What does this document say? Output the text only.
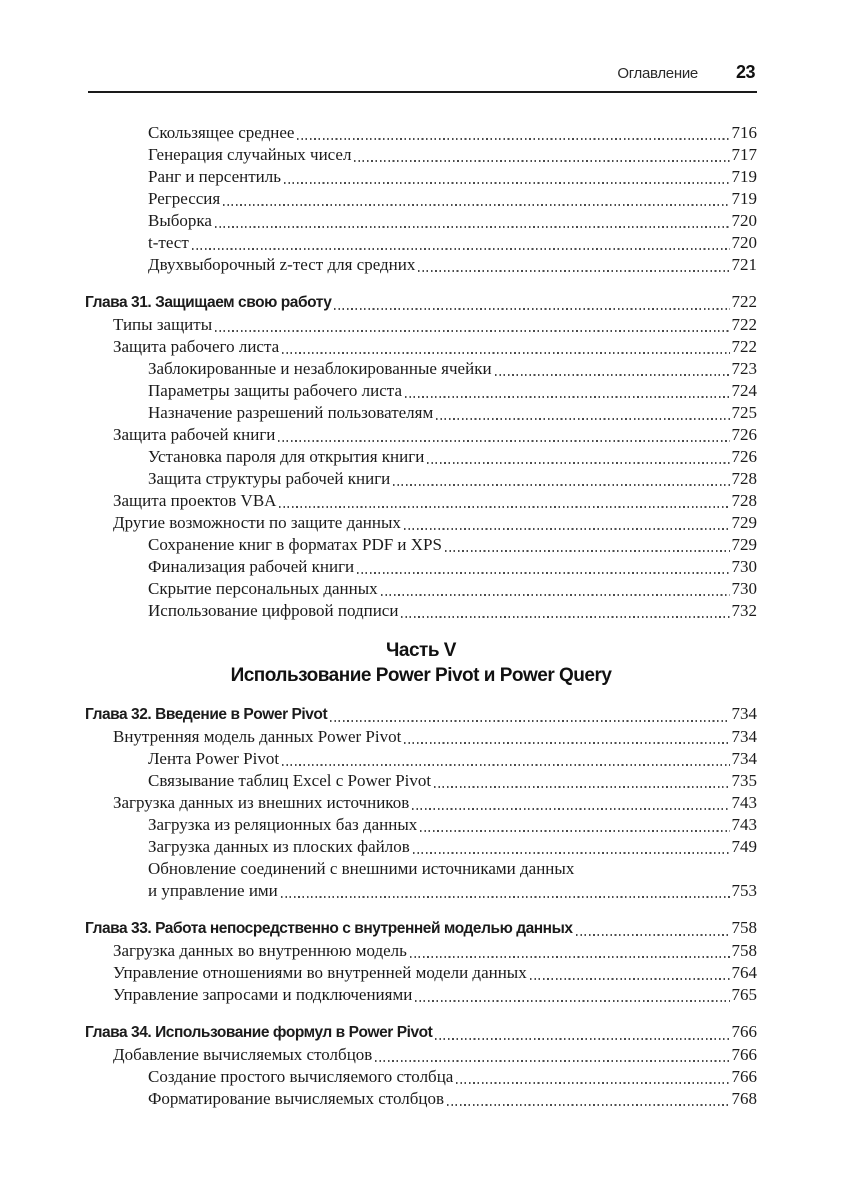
Оглавление 23
Скользящее среднее	716
Генерация случайных чисел	717
Ранг и персентиль	719
Регрессия	719
Выборка	720
t-тест	720
Двухвыборочный z-тест для средних	721
Глава 31. Защищаем свою работу	722
Типы защиты	722
Защита рабочего листа	722
Заблокированные и незаблокированные ячейки	723
Параметры защиты рабочего листа	724
Назначение разрешений пользователям	725
Защита рабочей книги	726
Установка пароля для открытия книги	726
Защита структуры рабочей книги	728
Защита проектов VBA	728
Другие возможности по защите данных	729
Сохранение книг в форматах PDF и XPS	729
Финализация рабочей книги	730
Скрытие персональных данных	730
Использование цифровой подписи	732
Часть V
Использование Power Pivot и Power Query
Глава 32. Введение в Power Pivot	734
Внутренняя модель данных Power Pivot	734
Лента Power Pivot	734
Связывание таблиц Excel с Power Pivot	735
Загрузка данных из внешних источников	743
Загрузка из реляционных баз данных	743
Загрузка данных из плоских файлов	749
Обновление соединений с внешними источниками данных
и управление ими	753
Глава 33. Работа непосредственно с внутренней моделью данных	758
Загрузка данных во внутреннюю модель	758
Управление отношениями во внутренней модели данных	764
Управление запросами и подключениями	765
Глава 34. Использование формул в Power Pivot	766
Добавление вычисляемых столбцов	766
Создание простого вычисляемого столбца	766
Форматирование вычисляемых столбцов	768
